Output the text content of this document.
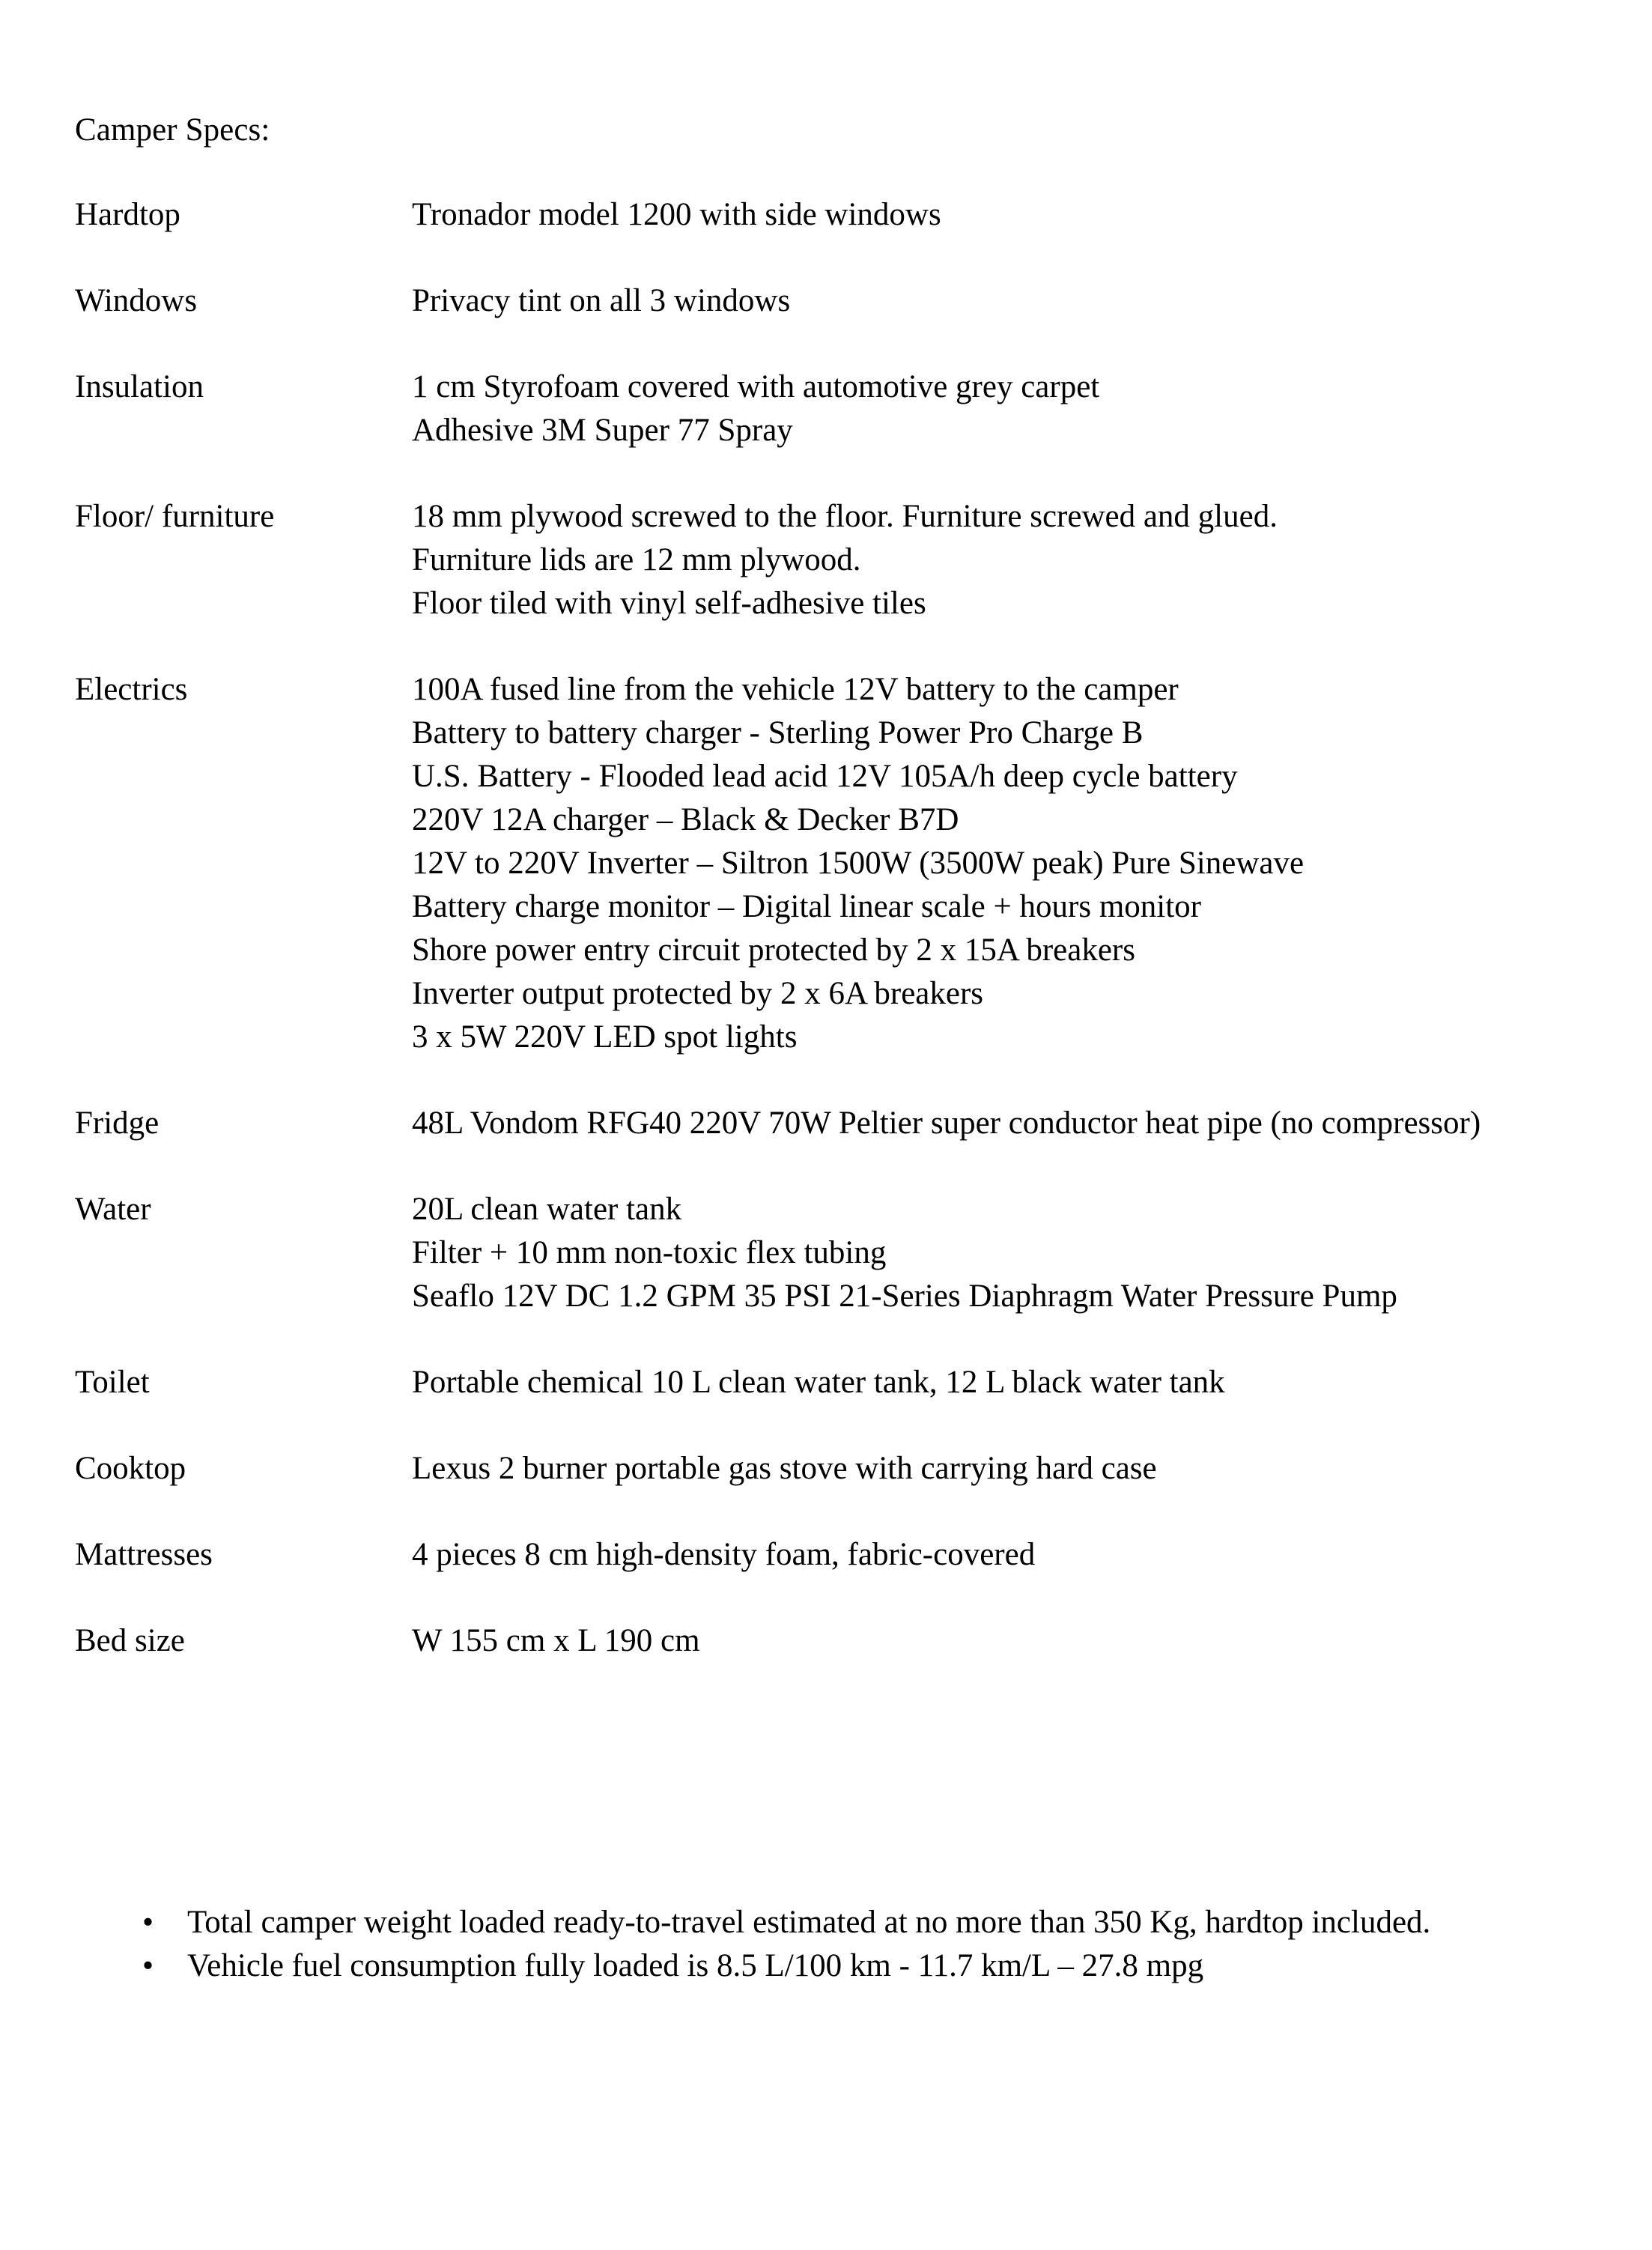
Camper Specs:
Hardtop	Tronador model 1200 with side windows
Windows	Privacy tint on all 3 windows
Insulation	1 cm Styrofoam covered with automotive grey carpet
Adhesive 3M Super 77 Spray
Floor/ furniture	18 mm plywood screwed to the floor. Furniture screwed and glued.
Furniture lids are 12 mm plywood.
Floor tiled with vinyl self-adhesive tiles
Electrics	100A fused line from the vehicle 12V battery to the camper
Battery to battery charger - Sterling Power Pro Charge B
U.S. Battery - Flooded lead acid 12V 105A/h deep cycle battery
220V 12A charger – Black & Decker B7D
12V to 220V Inverter – Siltron 1500W (3500W peak) Pure Sinewave
Battery charge monitor – Digital linear scale + hours monitor
Shore power entry circuit protected by 2 x 15A breakers
Inverter output protected by 2 x 6A breakers
3 x 5W 220V LED spot lights
Fridge	48L Vondom RFG40 220V 70W Peltier super conductor heat pipe (no compressor)
Water	20L clean water tank
Filter + 10 mm non-toxic flex tubing
Seaflo 12V DC 1.2 GPM 35 PSI 21-Series Diaphragm Water Pressure Pump
Toilet	Portable chemical 10 L clean water tank, 12 L black water tank
Cooktop	Lexus 2 burner portable gas stove with carrying hard case
Mattresses	4 pieces 8 cm high-density foam, fabric-covered
Bed size	W 155 cm x L 190 cm
•	Total camper weight loaded ready-to-travel estimated at no more than 350 Kg, hardtop included.
•	Vehicle fuel consumption fully loaded is 8.5 L/100 km - 11.7 km/L – 27.8 mpg
